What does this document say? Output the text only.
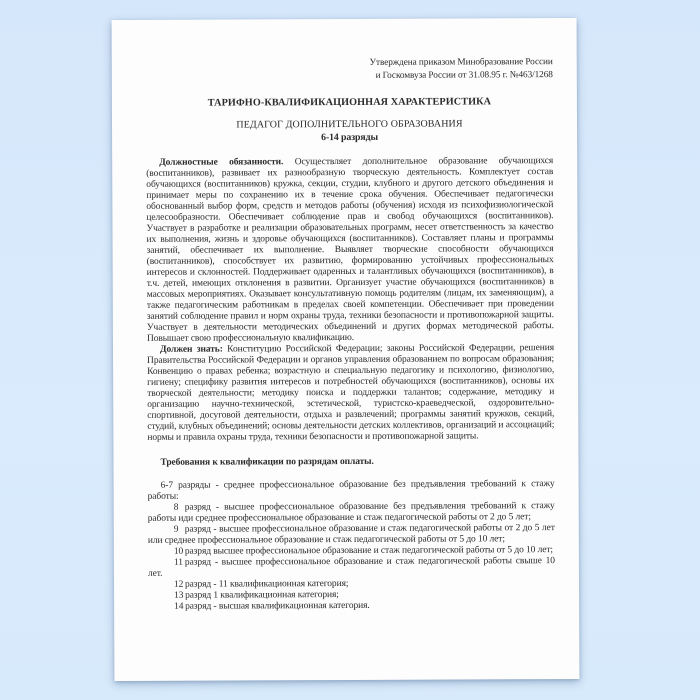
Утверждена приказом Минобразование России
и Госкомвуза России от 31.08.95 г. №463/1268
ТАРИФНО-КВАЛИФИКАЦИОННАЯ ХАРАКТЕРИСТИКА
ПЕДАГОГ ДОПОЛНИТЕЛЬНОГО ОБРАЗОВАНИЯ
6-14 разряды

Должностные обязанности. Осуществляет дополнительное образование обучающихся (воспитанников), развивает их разнообразную творческую деятельность. Комплектует состав обучающихся (воспитанников) кружка, секции, студии, клубного и другого детского объединения и принимает меры по сохранению их в течение срока обучения. Обеспечивает педагогически обоснованный выбор форм, средств и методов работы (обучения) исходя из психофизиологической целесообразности. Обеспечивает соблюдение прав и свобод обучающихся (воспитанников). Участвует в разработке и реализации образовательных программ, несет ответственность за качество их выполнения, жизнь и здоровье обучающихся (воспитанников). Составляет планы и программы занятий, обеспечивает их выполнение. Выявляет творческие способности обучающихся (воспитанников), способствует их развитию, формированию устойчивых профессиональных интересов и склонностей. Поддерживает одаренных и талантливых обучающихся (воспитанников), в т.ч. детей, имеющих отклонения в развитии. Организует участие обучающихся (воспитанников) в массовых мероприятиях. Оказывает консультативную помощь родителям (лицам, их заменяющим), а также педагогическим работникам в пределах своей компетенции. Обеспечивает при проведении занятий соблюдение правил и норм охраны труда, техники безопасности и противопожарной защиты. Участвует в деятельности методических объединений и других формах методической работы. Повышает свою профессиональную квалификацию.

Должен знать: Конституцию Российской Федерации; законы Российской Федерации, решения Правительства Российской Федерации и органов управления образованием по вопросам образования; Конвенцию о правах ребенка; возрастную и специальную педагогику и психологию, физиологию, гигиену; специфику развития интересов и потребностей обучающихся (воспитанников), основы их творческой деятельности; методику поиска и поддержки талантов; содержание, методику и организацию научно-технической, эстетической, туристско-краеведческой, оздоровительно-спортивной, досуговой деятельности, отдыха и развлечений; программы занятий кружков, секций, студий, клубных объединений; основы деятельности детских коллективов, организаций и ассоциаций; нормы и правила охраны труда, техники безопасности и противопожарной защиты.

Требования к квалификации по разрядам оплаты.

6-7 разряды - среднее профессиональное образование без предъявления требований к стажу работы:

8 разряд - высшее профессиональное образование без предъявления требований к стажу работы иди среднее профессиональное образование и стаж педагогической работы от 2 до 5 лет;

9 разряд - высшее профессиональное образование и стаж педагогической работы от 2 до 5 лет или среднее профессиональное образование и стаж педагогической работы от 5 до 10 лет;

10 разряд высшее профессиональное образование и стаж педагогической работы от 5 до 10 лет;

11 разряд - высшее профессиональное образование и стаж педагогической работы свыше 10 лет.

12 разряд - 11 квалификационная категория;

13 разряд 1 квалификационная категория;

14 разряд - высшая квалификационная категория.
